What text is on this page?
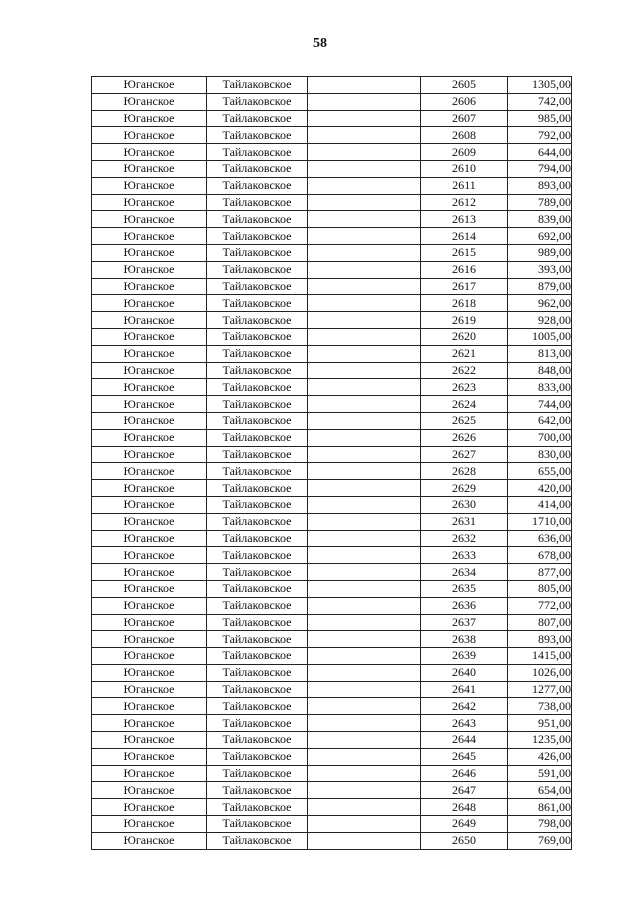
58
Юганское	Тайлаковское		2605	1305,00
Юганское	Тайлаковское		2606	742,00
Юганское	Тайлаковское		2607	985,00
Юганское	Тайлаковское		2608	792,00
Юганское	Тайлаковское		2609	644,00
Юганское	Тайлаковское		2610	794,00
Юганское	Тайлаковское		2611	893,00
Юганское	Тайлаковское		2612	789,00
Юганское	Тайлаковское		2613	839,00
Юганское	Тайлаковское		2614	692,00
Юганское	Тайлаковское		2615	989,00
Юганское	Тайлаковское		2616	393,00
Юганское	Тайлаковское		2617	879,00
Юганское	Тайлаковское		2618	962,00
Юганское	Тайлаковское		2619	928,00
Юганское	Тайлаковское		2620	1005,00
Юганское	Тайлаковское		2621	813,00
Юганское	Тайлаковское		2622	848,00
Юганское	Тайлаковское		2623	833,00
Юганское	Тайлаковское		2624	744,00
Юганское	Тайлаковское		2625	642,00
Юганское	Тайлаковское		2626	700,00
Юганское	Тайлаковское		2627	830,00
Юганское	Тайлаковское		2628	655,00
Юганское	Тайлаковское		2629	420,00
Юганское	Тайлаковское		2630	414,00
Юганское	Тайлаковское		2631	1710,00
Юганское	Тайлаковское		2632	636,00
Юганское	Тайлаковское		2633	678,00
Юганское	Тайлаковское		2634	877,00
Юганское	Тайлаковское		2635	805,00
Юганское	Тайлаковское		2636	772,00
Юганское	Тайлаковское		2637	807,00
Юганское	Тайлаковское		2638	893,00
Юганское	Тайлаковское		2639	1415,00
Юганское	Тайлаковское		2640	1026,00
Юганское	Тайлаковское		2641	1277,00
Юганское	Тайлаковское		2642	738,00
Юганское	Тайлаковское		2643	951,00
Юганское	Тайлаковское		2644	1235,00
Юганское	Тайлаковское		2645	426,00
Юганское	Тайлаковское		2646	591,00
Юганское	Тайлаковское		2647	654,00
Юганское	Тайлаковское		2648	861,00
Юганское	Тайлаковское		2649	798,00
Юганское	Тайлаковское		2650	769,00
